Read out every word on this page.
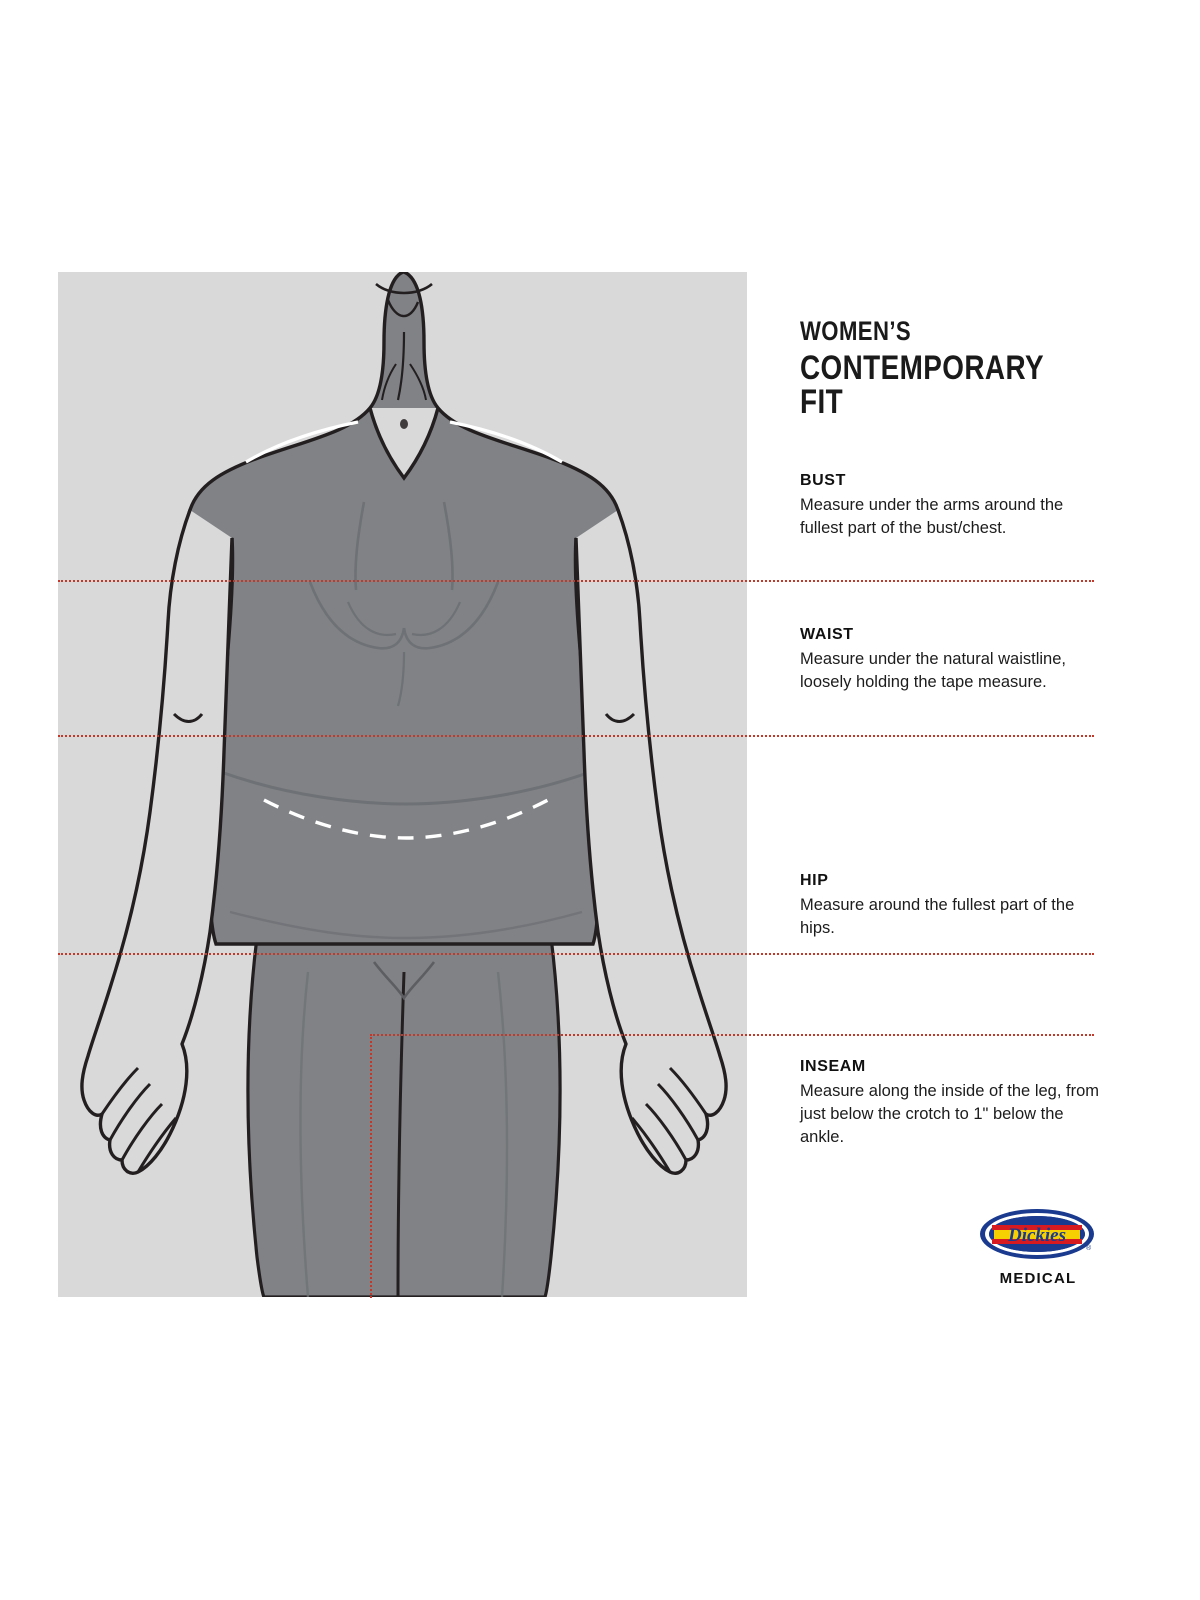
WOMEN’S
CONTEMPORARY FIT

BUST

Measure under the arms around the fullest part of the bust/chest.

WAIST

Measure under the natural waistline, loosely holding the tape measure.

HIP

Measure around the fullest part of the hips.

INSEAM

Measure along the inside of the leg, from just below the crotch to 1" below the ankle.

Dickies
®
MEDICAL
